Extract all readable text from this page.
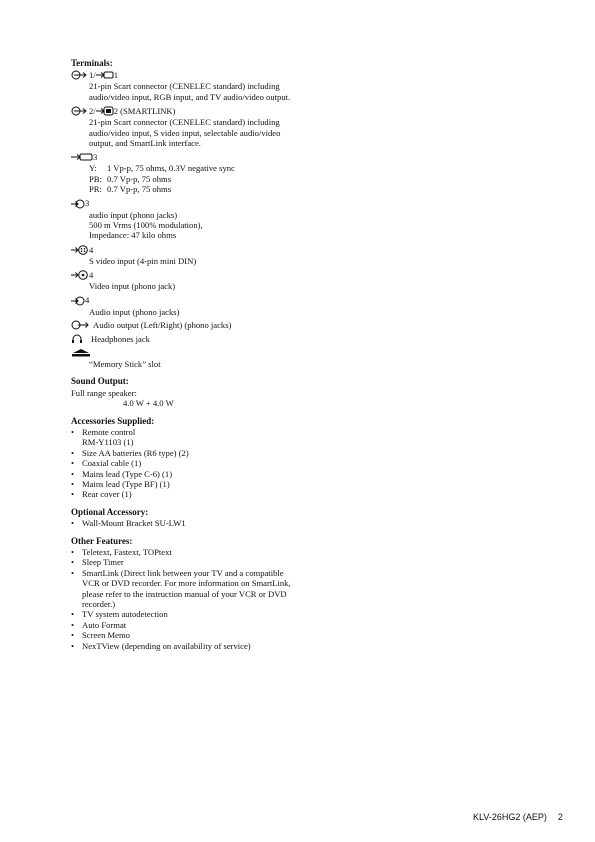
Terminals:
1/ 1
21-pin Scart connector (CENELEC standard) including
audio/video input, RGB input, and TV audio/video output.
2/ 2 (SMARTLINK)
21-pin Scart connector (CENELEC standard) including
audio/video input, S video input, selectable audio/video
output, and SmartLink interface.
3
Y: 1 Vp-p, 75 ohms, 0.3V negative sync
PB: 0.7 Vp-p, 75 ohms
PR: 0.7 Vp-p, 75 ohms
3
audio input (phono jacks)
500 m Vrms (100% modulation),
Impedance: 47 kilo ohms
4
S video input (4-pin mini DIN)
4
Video input (phono jack)
4
Audio input (phono jacks)
Audio output (Left/Right) (phono jacks)
Headphones jack
“Memory Stick” slot
Sound Output:
Full range speaker:
4.0 W + 4.0 W
Accessories Supplied:
• Remote control
RM-Y1103 (1)
• Size AA batteries (R6 type) (2)
• Coaxial cable (1)
• Mains lead (Type C-6) (1)
• Mains lead (Type BF) (1)
• Rear cover (1)
Optional Accessory:
• Wall-Mount Bracket SU-LW1
Other Features:
• Teletext, Fastext, TOPtext
• Sleep Timer
• SmartLink (Direct link between your TV and a compatible
VCR or DVD recorder. For more information on SmartLink,
please refer to the instruction manual of your VCR or DVD
recorder.)
• TV system autodetection
• Auto Format
• Screen Memo
• NexTView (depending on availability of service)
KLV-26HG2 (AEP) 2
